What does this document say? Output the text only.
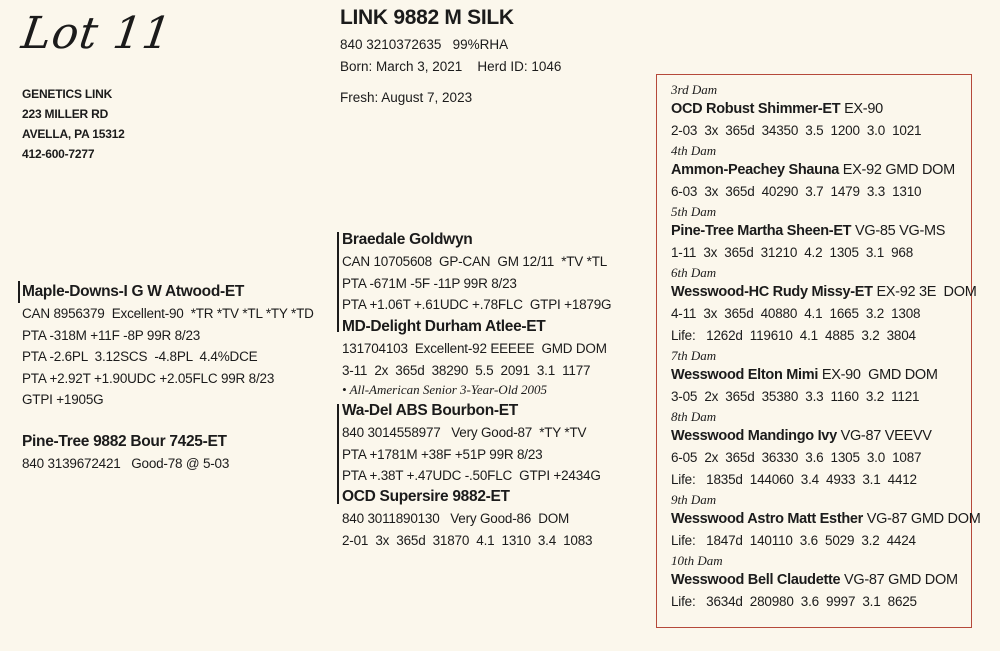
Lot 11
GENETICS LINK
223 MILLER RD
AVELLA, PA 15312
412-600-7277
LINK 9882 M SILK
840 3210372635   99%RHA
Born: March 3, 2021    Herd ID: 1046
Fresh: August 7, 2023
Maple-Downs-I G W Atwood-ET
CAN 8956379  Excellent-90  *TR *TV *TL *TY *TD
PTA -318M +11F -8P 99R 8/23
PTA -2.6PL  3.12SCS  -4.8PL  4.4%DCE
PTA +2.92T +1.90UDC +2.05FLC 99R 8/23
GTPI +1905G
Pine-Tree 9882 Bour 7425-ET
840 3139672421   Good-78 @ 5-03
Braedale Goldwyn
CAN 10705608  GP-CAN  GM 12/11  *TV *TL
PTA -671M -5F -11P 99R 8/23
PTA +1.06T +.61UDC +.78FLC  GTPI +1879G
MD-Delight Durham Atlee-ET
131704103  Excellent-92 EEEEE  GMD DOM
3-11  2x  365d  38290  5.5  2091  3.1  1177
• All-American Senior 3-Year-Old 2005
Wa-Del ABS Bourbon-ET
840 3014558977   Very Good-87  *TY *TV
PTA +1781M +38F +51P 99R 8/23
PTA +.38T +.47UDC -.50FLC  GTPI +2434G
OCD Supersire 9882-ET
840 3011890130   Very Good-86  DOM
2-01  3x  365d  31870  4.1  1310  3.4  1083
3rd Dam
OCD Robust Shimmer-ET EX-90
2-03  3x  365d  34350  3.5  1200  3.0  1021
4th Dam
Ammon-Peachey Shauna EX-92 GMD DOM
6-03  3x  365d  40290  3.7  1479  3.3  1310
5th Dam
Pine-Tree Martha Sheen-ET VG-85 VG-MS
1-11  3x  365d  31210  4.2  1305  3.1  968
6th Dam
Wesswood-HC Rudy Missy-ET EX-92 3E  DOM
4-11  3x  365d  40880  4.1  1665  3.2  1308
Life:   1262d  119610  4.1  4885  3.2  3804
7th Dam
Wesswood Elton Mimi EX-90  GMD DOM
3-05  2x  365d  35380  3.3  1160  3.2  1121
8th Dam
Wesswood Mandingo Ivy VG-87 VEEVV
6-05  2x  365d  36330  3.6  1305  3.0  1087
Life:   1835d  144060  3.4  4933  3.1  4412
9th Dam
Wesswood Astro Matt Esther VG-87 GMD DOM
Life:   1847d  140110  3.6  5029  3.2  4424
10th Dam
Wesswood Bell Claudette VG-87 GMD DOM
Life:   3634d  280980  3.6  9997  3.1  8625
